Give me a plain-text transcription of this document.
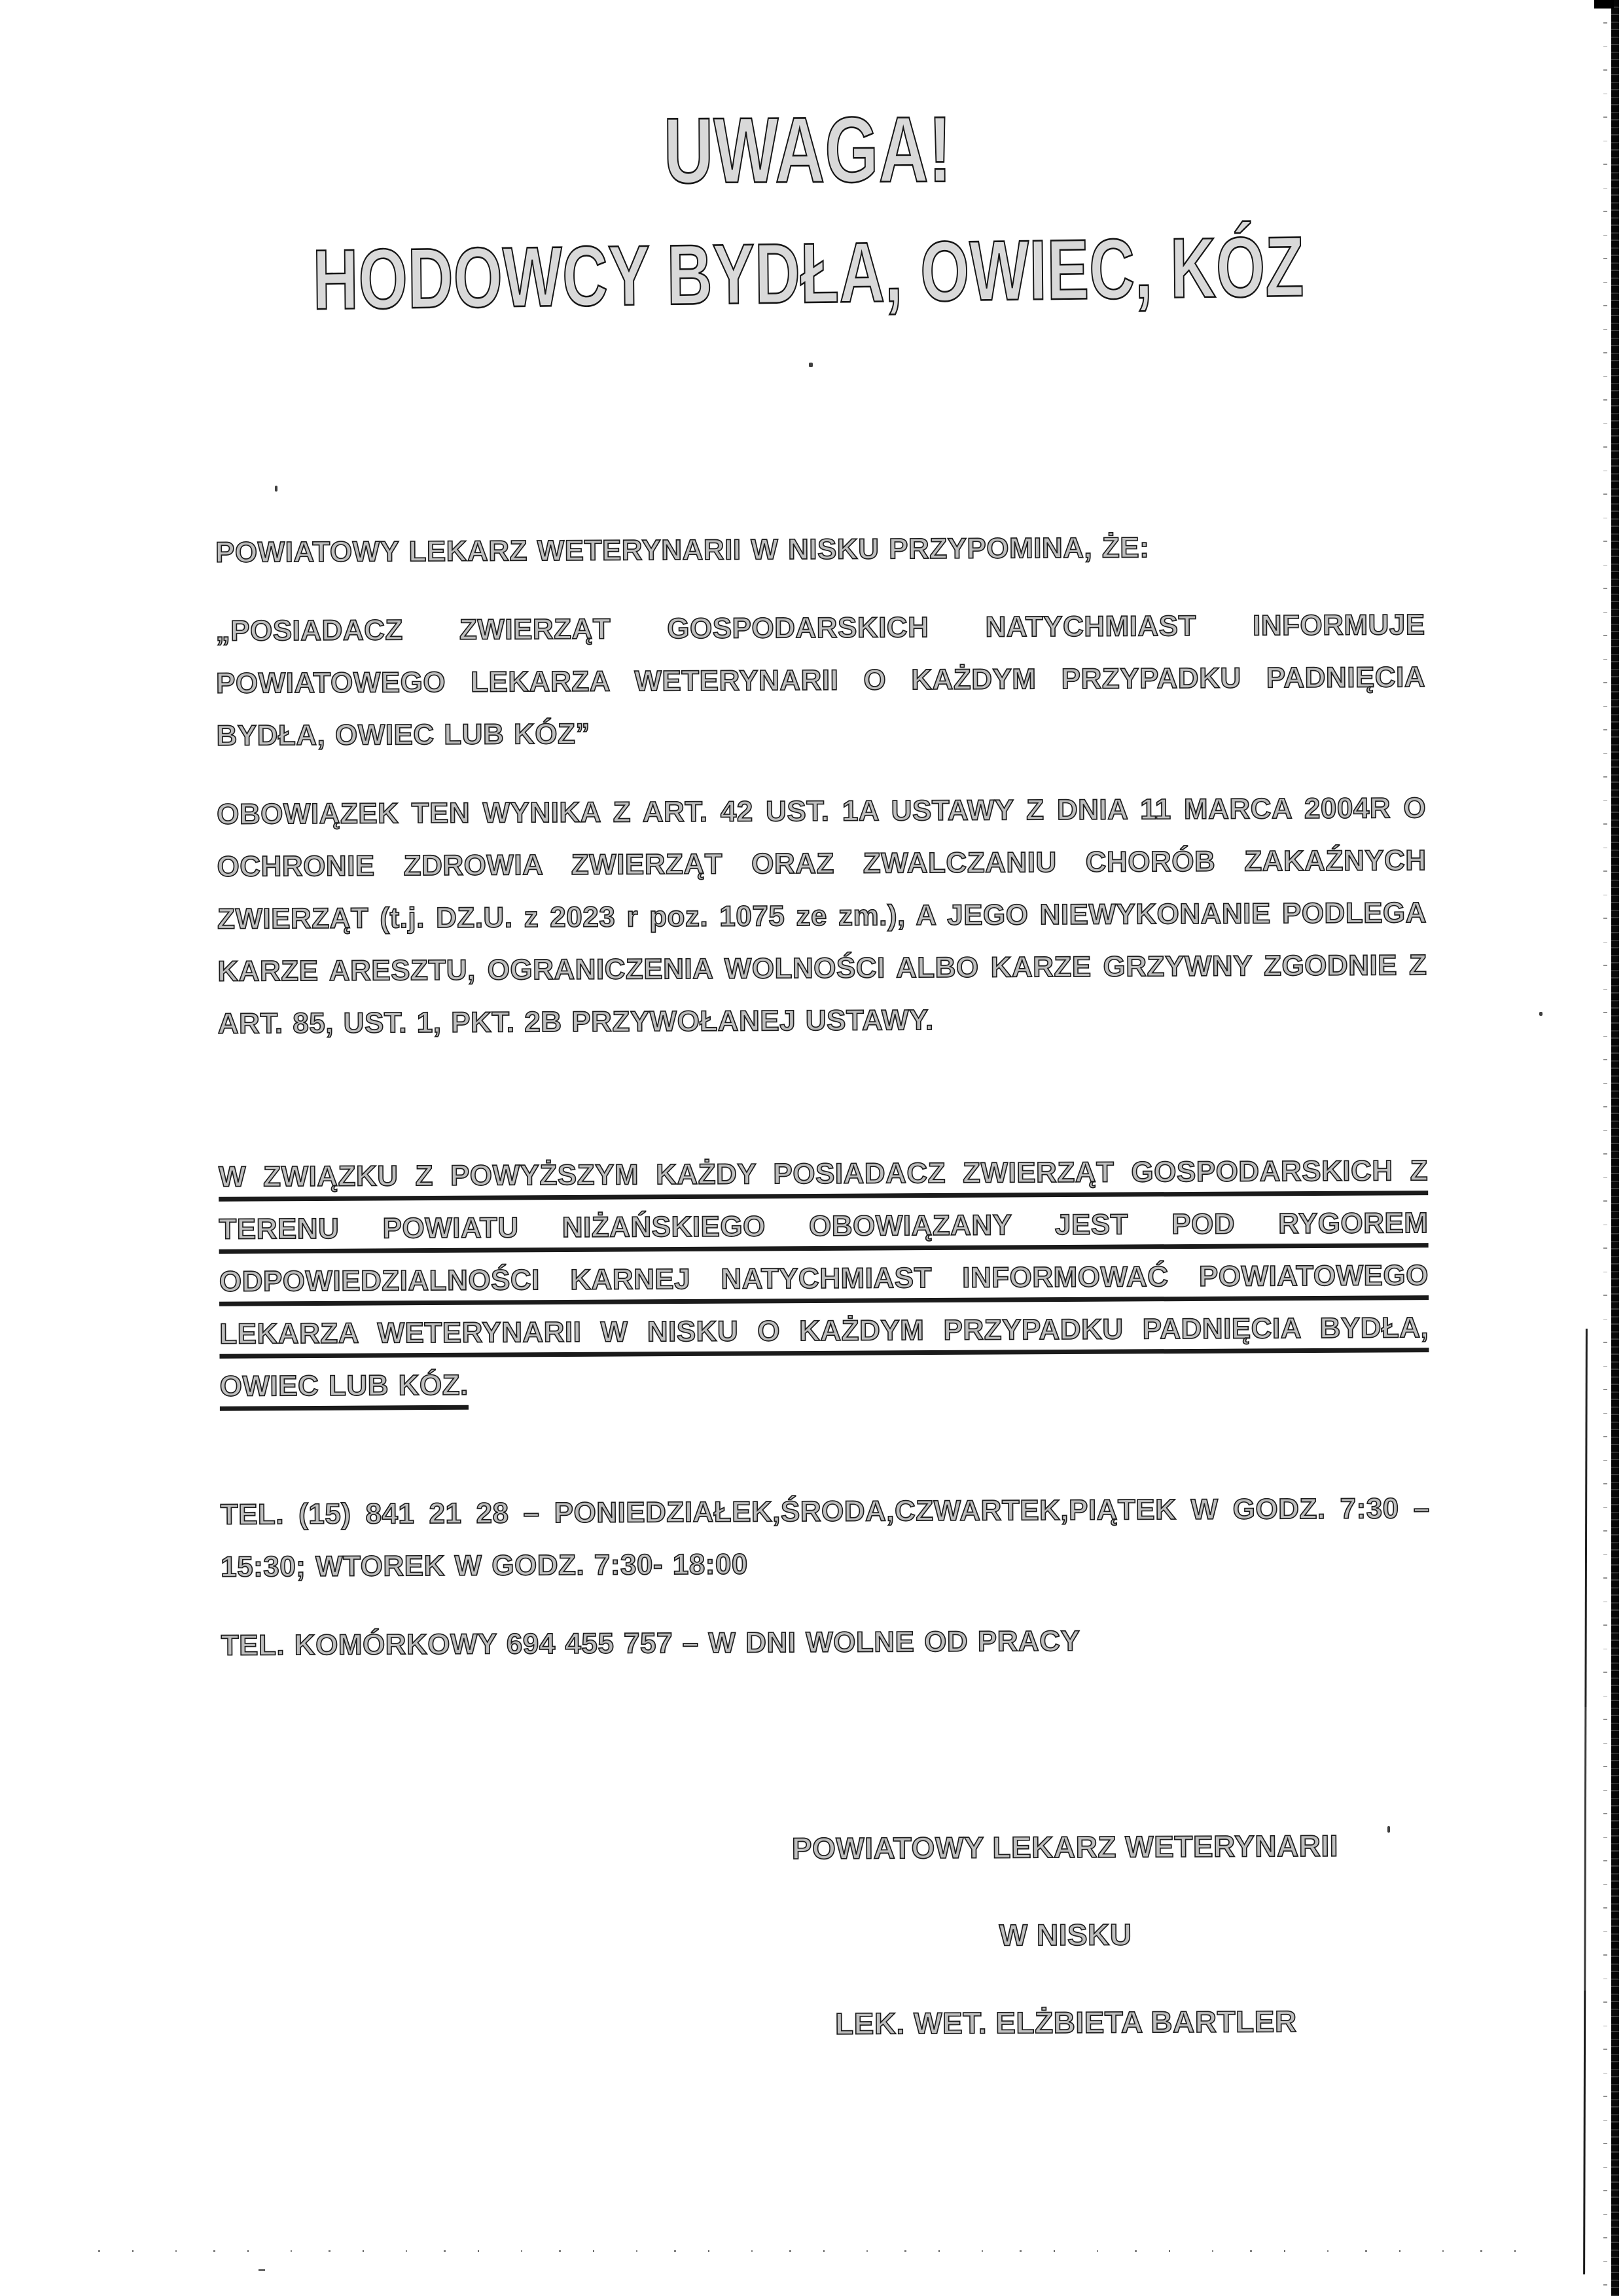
UWAGA!
HODOWCY BYDŁA, OWIEC, KÓZ

POWIATOWY LEKARZ WETERYNARII W NISKU PRZYPOMINA, ŻE:

„POSIADACZ ZWIERZĄT GOSPODARSKICH NATYCHMIAST INFORMUJE POWIATOWEGO LEKARZA WETERYNARII O KAŻDYM PRZYPADKU PADNIĘCIA BYDŁA, OWIEC LUB KÓZ”

OBOWIĄZEK TEN WYNIKA Z ART. 42 UST. 1A USTAWY Z DNIA 11 MARCA 2004R O OCHRONIE ZDROWIA ZWIERZĄT ORAZ ZWALCZANIU CHORÓB ZAKAŹNYCH ZWIERZĄT (t.j. DZ.U. z 2023 r poz. 1075 ze zm.), A JEGO NIEWYKONANIE PODLEGA KARZE ARESZTU, OGRANICZENIA WOLNOŚCI ALBO KARZE GRZYWNY ZGODNIE Z ART. 85, UST. 1, PKT. 2B PRZYWOŁANEJ USTAWY.

W ZWIĄZKU Z POWYŻSZYM KAŻDY POSIADACZ ZWIERZĄT GOSPODARSKICH Z TERENU POWIATU NIŻAŃSKIEGO OBOWIĄZANY JEST POD RYGOREM ODPOWIEDZIALNOŚCI KARNEJ NATYCHMIAST INFORMOWAĆ POWIATOWEGO LEKARZA WETERYNARII W NISKU O KAŻDYM PRZYPADKU PADNIĘCIA BYDŁA, OWIEC LUB KÓZ.

TEL. (15) 841 21 28 – PONIEDZIAŁEK,ŚRODA,CZWARTEK,PIĄTEK W GODZ. 7:30 – 15:30; WTOREK W GODZ. 7:30- 18:00

TEL. KOMÓRKOWY 694 455 757 – W DNI WOLNE OD PRACY

POWIATOWY LEKARZ WETERYNARII

W NISKU

LEK. WET. ELŻBIETA BARTLER
